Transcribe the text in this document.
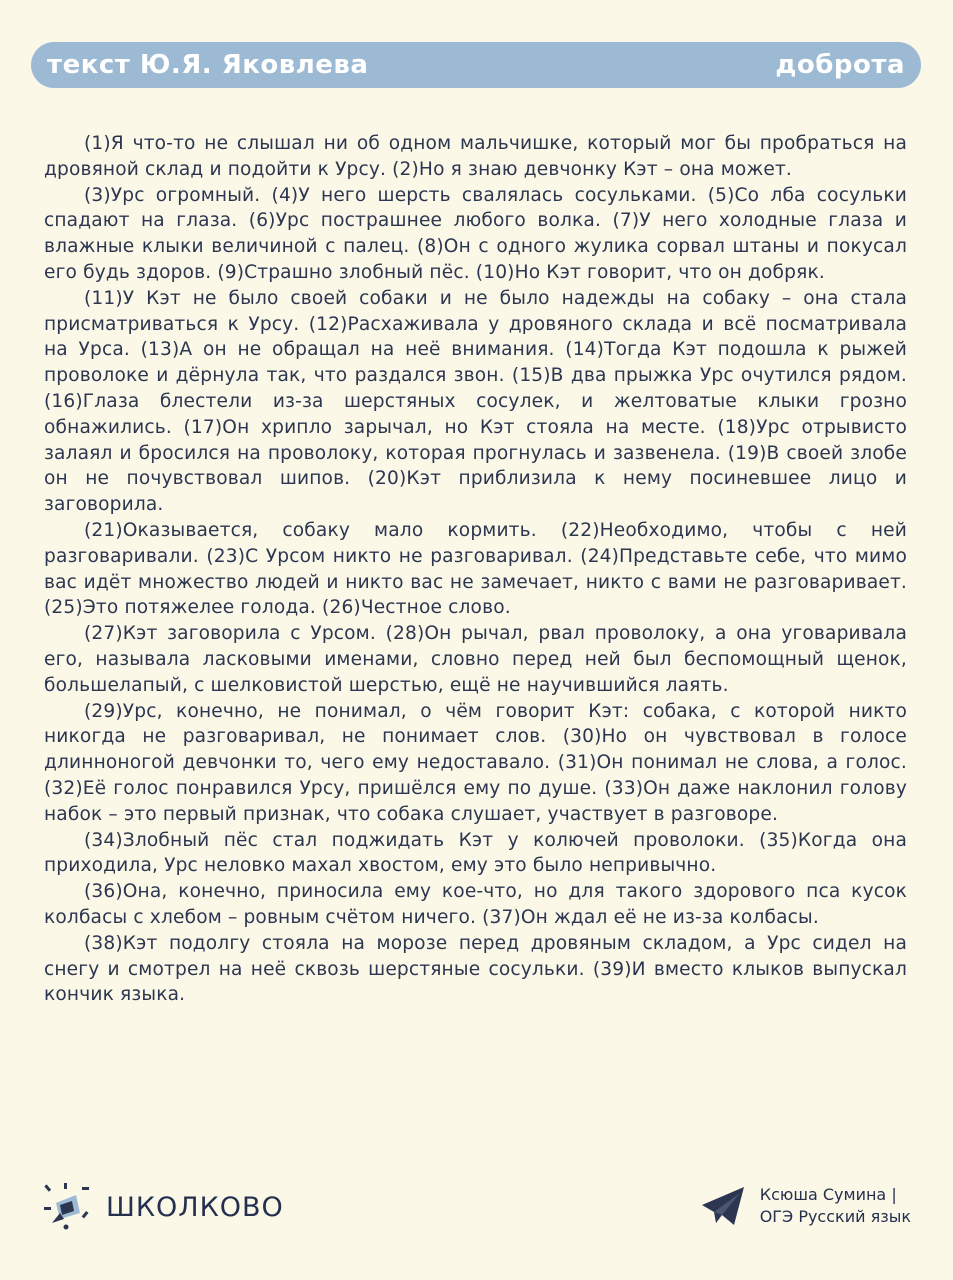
текст Ю.Я. Яковлева	доброта

(1)Я что-то не слышал ни об одном мальчишке, который мог бы пробраться на дровяной склад и подойти к Урсу. (2)Но я знаю девчонку Кэт – она может.

(3)Урс огромный. (4)У него шерсть свалялась сосульками. (5)Со лба сосульки спадают на глаза. (6)Урс пострашнее любого волка. (7)У него холодные глаза и влажные клыки величиной с палец. (8)Он с одного жулика сорвал штаны и покусал его будь здоров. (9)Страшно злобный пёс. (10)Но Кэт говорит, что он добряк.

(11)У Кэт не было своей собаки и не было надежды на собаку – она стала присматриваться к Урсу. (12)Расхаживала у дровяного склада и всё посматривала на Урса. (13)А он не обращал на неё внимания. (14)Тогда Кэт подошла к рыжей проволоке и дёрнула так, что раздался звон. (15)В два прыжка Урс очутился рядом. (16)Глаза блестели из-за шерстяных сосулек, и желтоватые клыки грозно обнажились. (17)Он хрипло зарычал, но Кэт стояла на месте. (18)Урс отрывисто залаял и бросился на проволоку, которая прогнулась и зазвенела. (19)В своей злобе он не почувствовал шипов. (20)Кэт приблизила к нему посиневшее лицо и заговорила.

(21)Оказывается, собаку мало кормить. (22)Необходимо, чтобы с ней разговаривали. (23)С Урсом никто не разговаривал. (24)Представьте себе, что мимо вас идёт множество людей и никто вас не замечает, никто с вами не разговаривает. (25)Это потяжелее голода. (26)Честное слово.

(27)Кэт заговорила с Урсом. (28)Он рычал, рвал проволоку, а она уговаривала его, называла ласковыми именами, словно перед ней был беспомощный щенок, большелапый, с шелковистой шерстью, ещё не научившийся лаять.

(29)Урс, конечно, не понимал, о чём говорит Кэт: собака, с которой никто никогда не разговаривал, не понимает слов. (30)Но он чувствовал в голосе длинноногой девчонки то, чего ему недоставало. (31)Он понимал не слова, а голос. (32)Её голос понравился Урсу, пришёлся ему по душе. (33)Он даже наклонил голову набок – это первый признак, что собака слушает, участвует в разговоре.

(34)Злобный пёс стал поджидать Кэт у колючей проволоки. (35)Когда она приходила, Урс неловко махал хвостом, ему это было непривычно.

(36)Она, конечно, приносила ему кое-что, но для такого здорового пса кусок колбасы с хлебом – ровным счётом ничего. (37)Он ждал её не из-за колбасы.

(38)Кэт подолгу стояла на морозе перед дровяным складом, а Урс сидел на снегу и смотрел на неё сквозь шерстяные сосульки. (39)И вместо клыков выпускал кончик языка.

ШКОЛКОВО	Ксюша Сумина |
ОГЭ Русский язык
